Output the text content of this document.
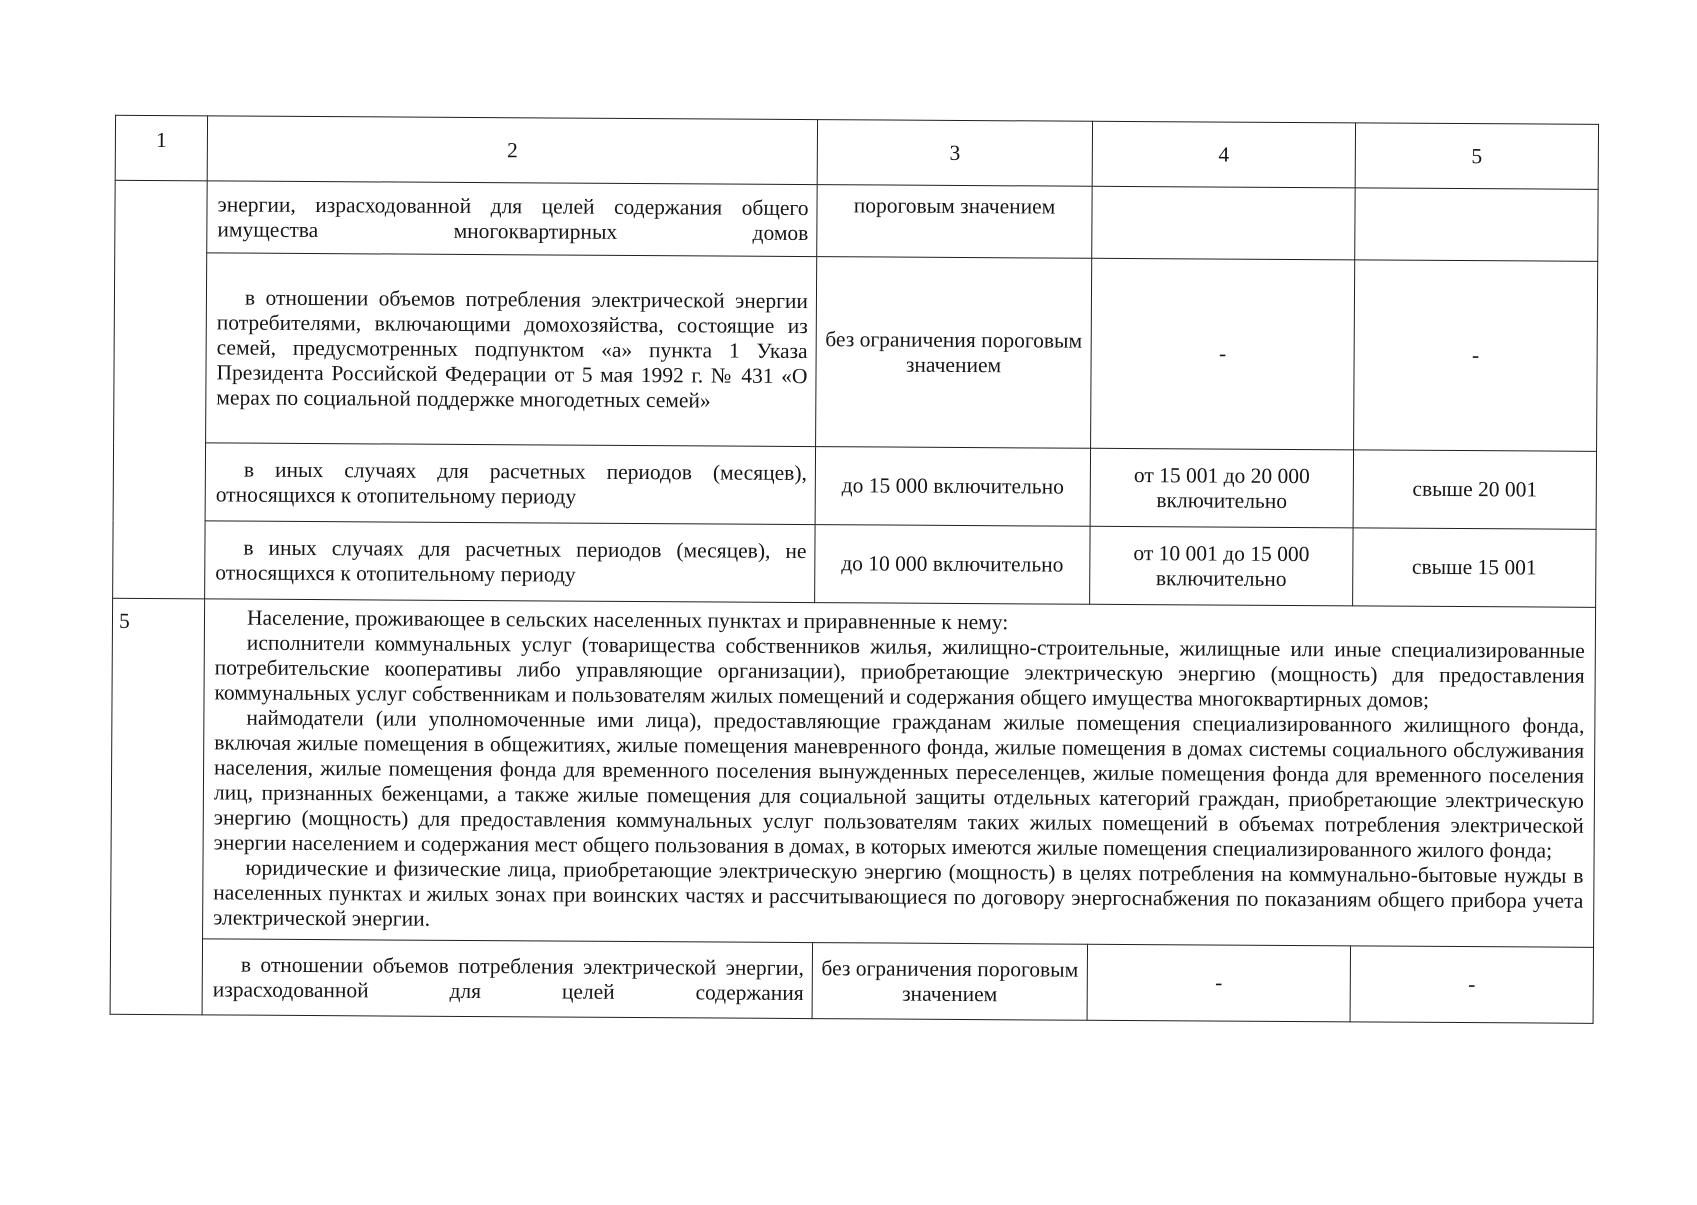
1	2	3	4	5

	энергии, израсходованной для целей содержания общего имущества многоквартирных домов	пороговым значением		

	в отношении объемов потребления электрической энергии потребителями, включающими домохозяйства, состоящие из семей, предусмотренных подпунктом «а» пункта 1 Указа Президента Российской Федерации от 5 мая 1992 г. № 431 «О мерах по социальной поддержке многодетных семей»	без ограничения пороговым значением	-	-

	в иных случаях для расчетных периодов (месяцев), относящихся к отопительному периоду	до 15 000 включительно	от 15 001 до 20 000 включительно	свыше 20 001

	в иных случаях для расчетных периодов (месяцев), не относящихся к отопительному периоду	до 10 000 включительно	от 10 001 до 15 000 включительно	свыше 15 001
5	Население, проживающее в сельских населенных пунктах и приравненные к нему:

исполнители коммунальных услуг (товарищества собственников жилья, жилищно-строительные, жилищные или иные специализированные потребительские кооперативы либо управляющие организации), приобретающие электрическую энергию (мощность) для предоставления коммунальных услуг собственникам и пользователям жилых помещений и содержания общего имущества многоквартирных домов;

наймодатели (или уполномоченные ими лица), предоставляющие гражданам жилые помещения специализированного жилищного фонда, включая жилые помещения в общежитиях, жилые помещения маневренного фонда, жилые помещения в домах системы социального обслуживания населения, жилые помещения фонда для временного поселения вынужденных переселенцев, жилые помещения фонда для временного поселения лиц, признанных беженцами, а также жилые помещения для социальной защиты отдельных категорий граждан, приобретающие электрическую энергию (мощность) для предоставления коммунальных услуг пользователям таких жилых помещений в объемах потребления электрической энергии населением и содержания мест общего пользования в домах, в которых имеются жилые помещения специализированного жилого фонда;

юридические и физические лица, приобретающие электрическую энергию (мощность) в целях потребления на коммунально-бытовые нужды в населенных пунктах и жилых зонах при воинских частях и рассчитывающиеся по договору энергоснабжения по показаниям общего прибора учета электрической энергии.			

	в отношении объемов потребления электрической энергии, израсходованной для целей содержания	без ограничения пороговым значением	-	-
